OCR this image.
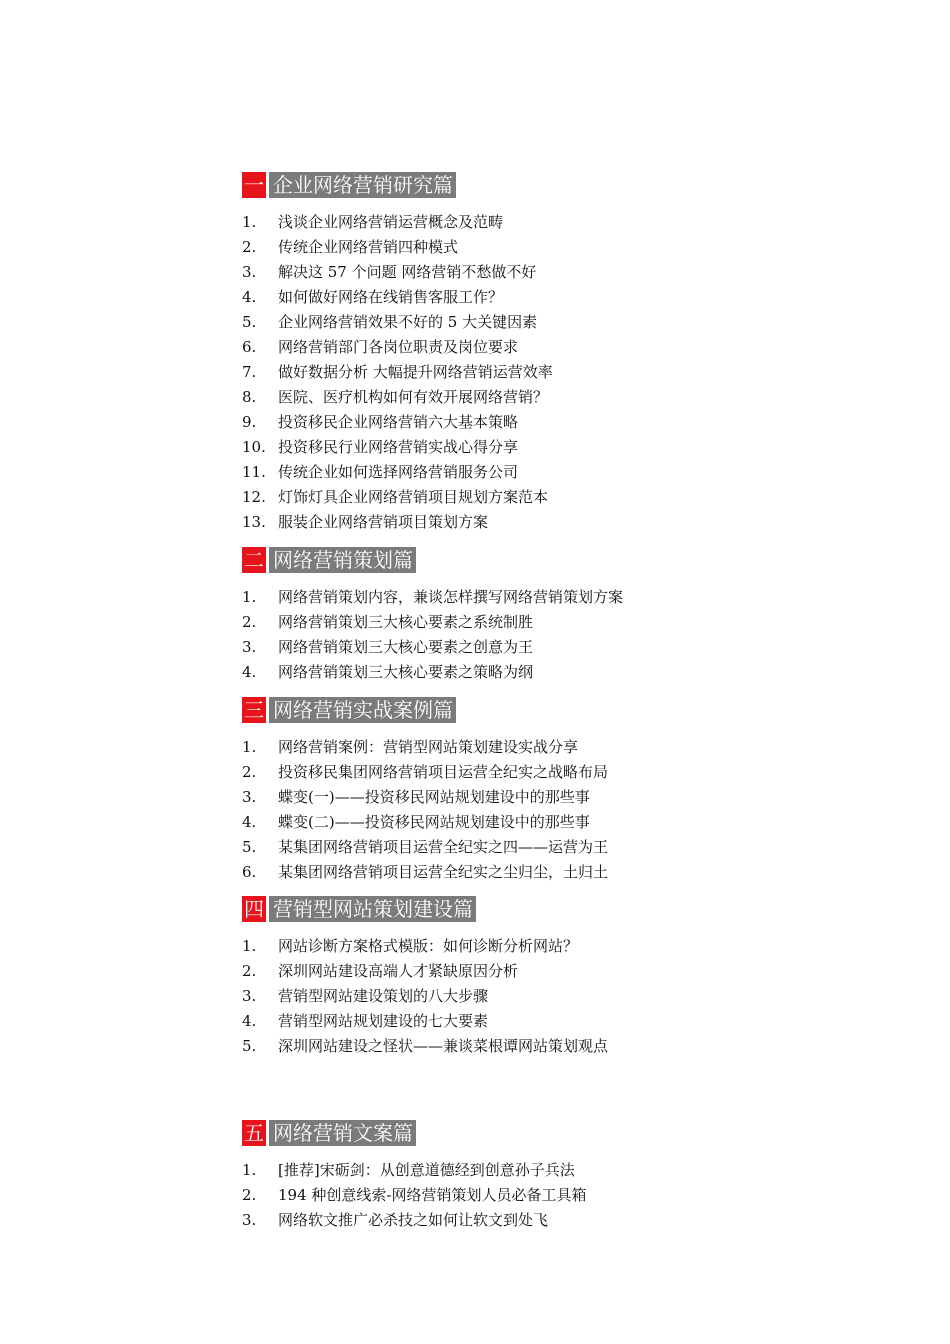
一 企业网络营销研究篇
1.	浅谈企业网络营销运营概念及范畴
2.	传统企业网络营销四种模式
3.	解决这 57 个问题 网络营销不愁做不好
4.	如何做好网络在线销售客服工作？
5.	企业网络营销效果不好的 5 大关键因素
6.	网络营销部门各岗位职责及岗位要求
7.	做好数据分析 大幅提升网络营销运营效率
8.	医院、医疗机构如何有效开展网络营销？
9.	投资移民企业网络营销六大基本策略
10. 投资移民行业网络营销实战心得分享
11. 传统企业如何选择网络营销服务公司
12. 灯饰灯具企业网络营销项目规划方案范本
13. 服装企业网络营销项目策划方案
二 网络营销策划篇
1.	网络营销策划内容，兼谈怎样撰写网络营销策划方案
2.	网络营销策划三大核心要素之系统制胜
3.	网络营销策划三大核心要素之创意为王
4.	网络营销策划三大核心要素之策略为纲
三 网络营销实战案例篇
1.	网络营销案例：营销型网站策划建设实战分享
2.	投资移民集团网络营销项目运营全纪实之战略布局
3.	蝶变(一)——投资移民网站规划建设中的那些事
4.	蝶变(二)——投资移民网站规划建设中的那些事
5.	某集团网络营销项目运营全纪实之四——运营为王
6.	某集团网络营销项目运营全纪实之尘归尘，土归土
四 营销型网站策划建设篇
1.	网站诊断方案格式模版：如何诊断分析网站？
2.	深圳网站建设高端人才紧缺原因分析
3.	营销型网站建设策划的八大步骤
4.	营销型网站规划建设的七大要素
5.	深圳网站建设之怪状——兼谈菜根谭网站策划观点
五 网络营销文案篇
1.	[推荐]宋砺剑：从创意道德经到创意孙子兵法
2.	194 种创意线索-网络营销策划人员必备工具箱
3.	网络软文推广必杀技之如何让软文到处飞
